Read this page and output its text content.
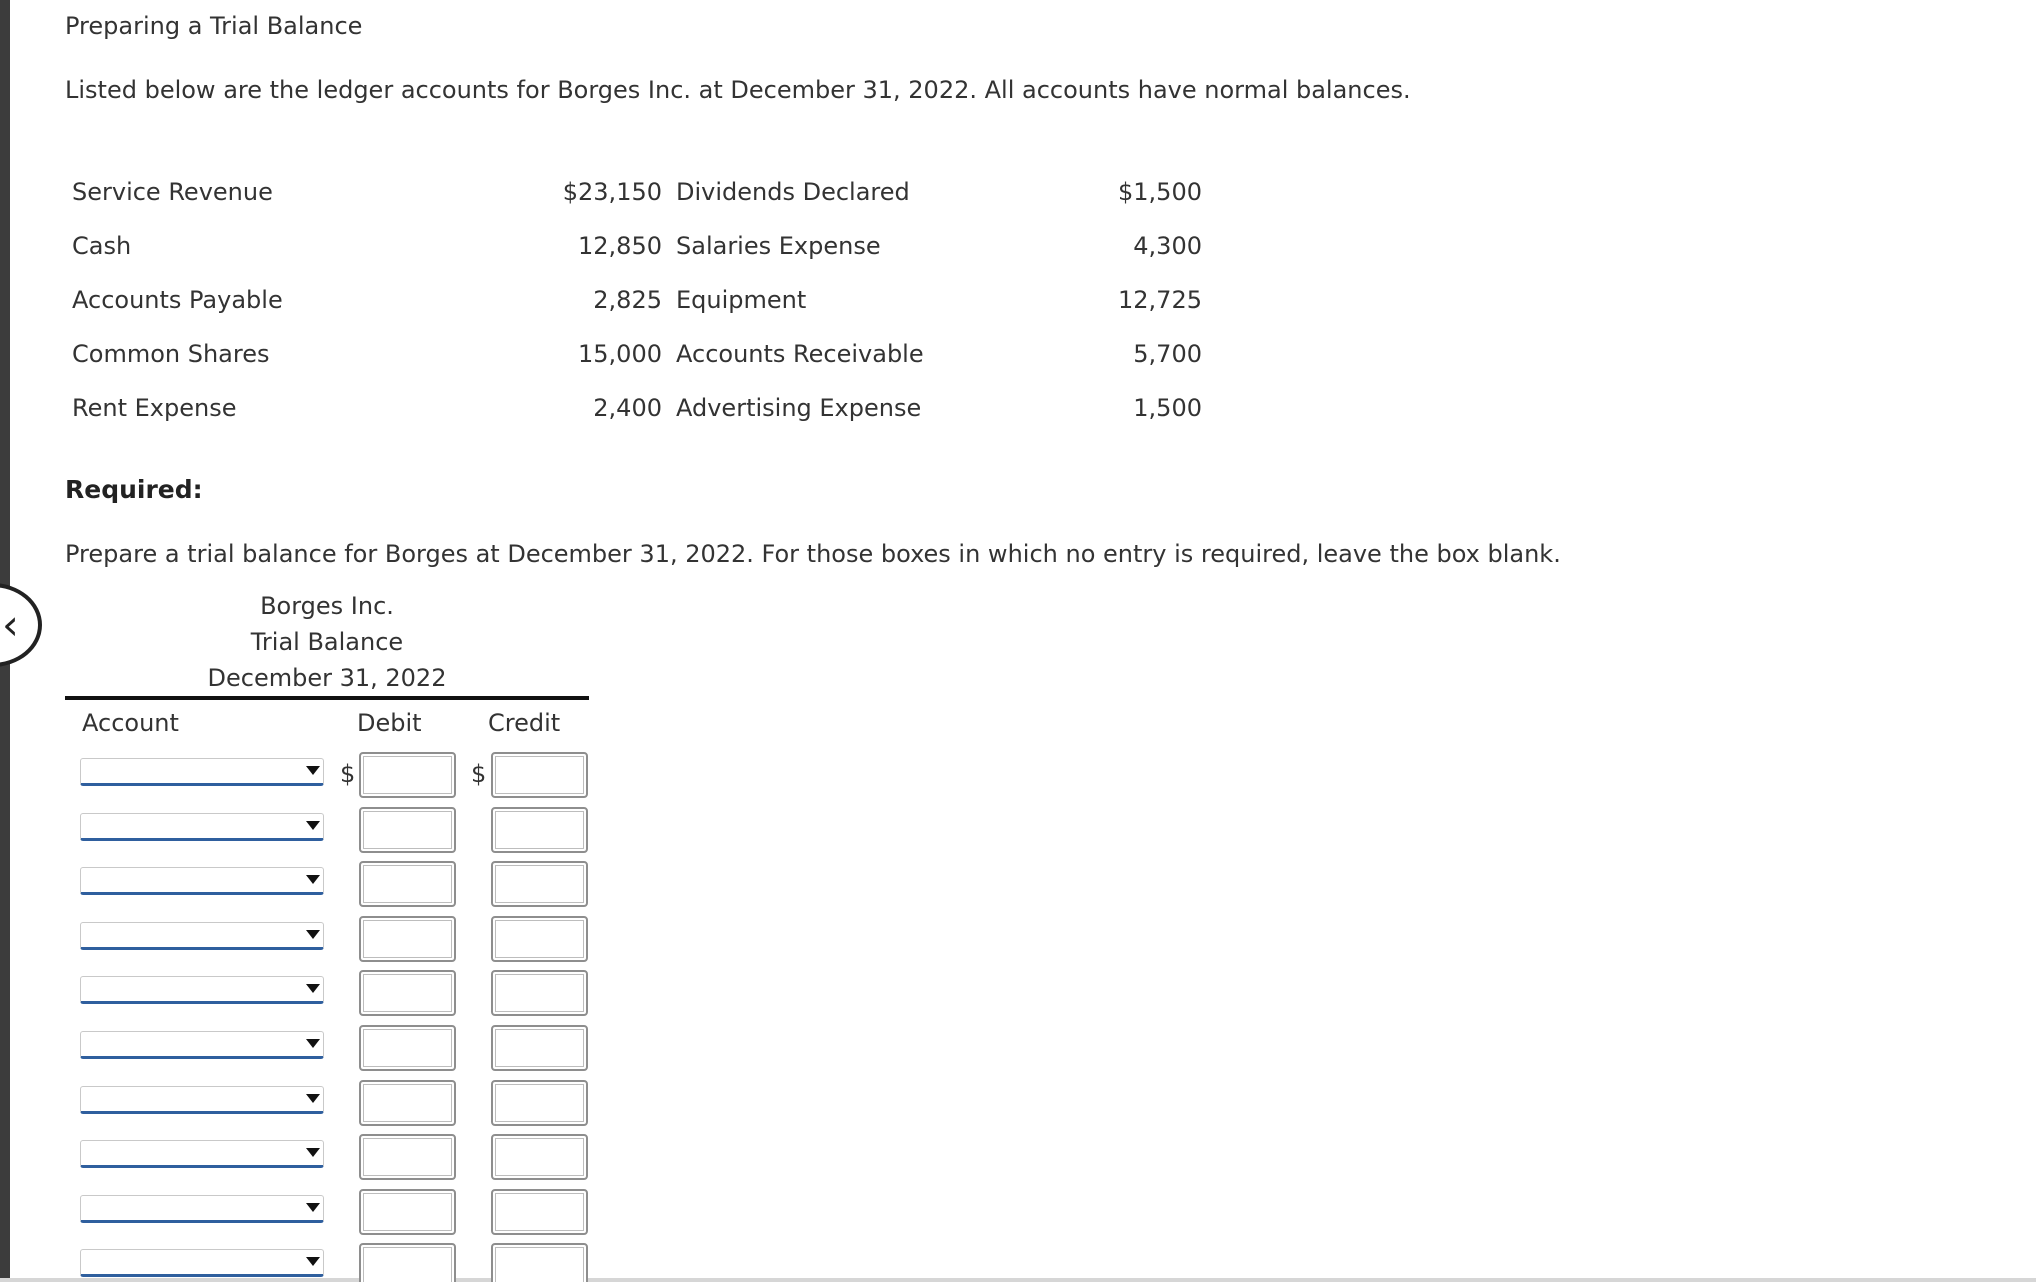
‹
Preparing a Trial Balance
Listed below are the ledger accounts for Borges Inc. at December 31, 2022. All accounts have normal balances.
Service Revenue	$23,150 Dividends Declared	$1,500
Cash	12,850 Salaries Expense	4,300
Accounts Payable	2,825 Equipment	12,725
Common Shares	15,000 Accounts Receivable	5,700
Rent Expense	2,400 Advertising Expense	1,500
Required:
Prepare a trial balance for Borges at December 31, 2022. For those boxes in which no entry is required, leave the box blank.
Borges Inc.
Trial Balance
December 31, 2022
Account	Debit	Credit
$	$
